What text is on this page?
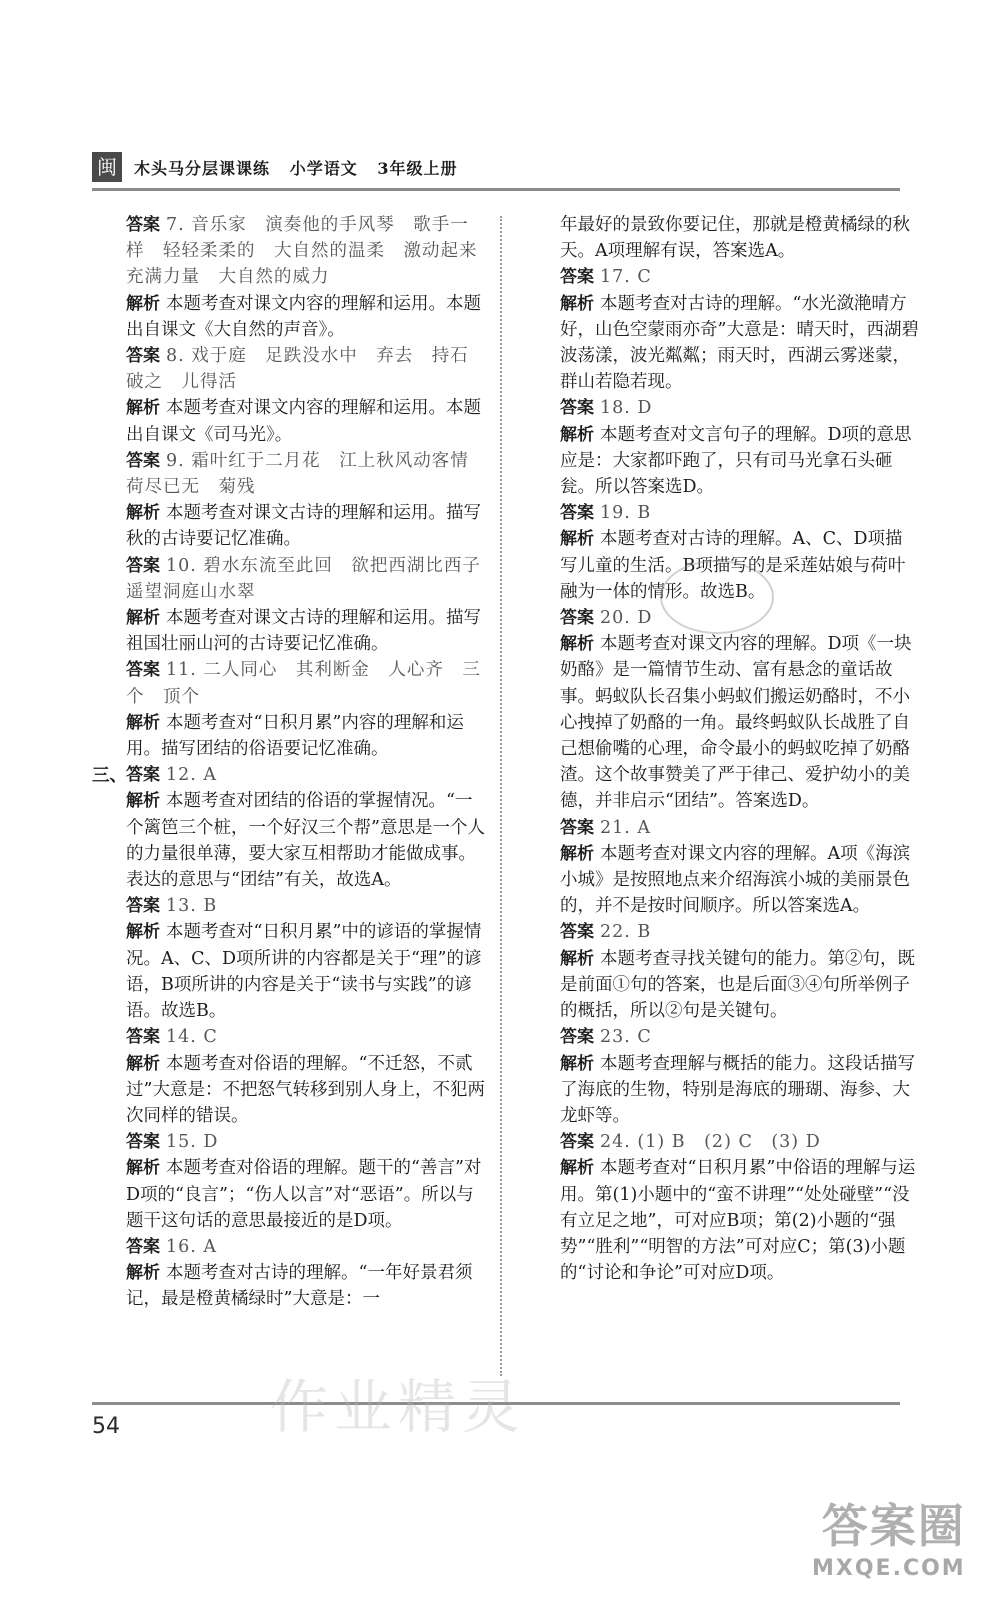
闽	木头马分层课课练   小学语文   3年级上册
三、

答案 7. 音乐家　演奏他的手风琴　歌手一样　轻轻柔柔的　大自然的温柔　激动起来　充满力量　大自然的威力

解析 本题考查对课文内容的理解和运用。本题出自课文《大自然的声音》。

答案 8. 戏于庭　足跌没水中　弃去　持石　破之　儿得活

解析 本题考查对课文内容的理解和运用。本题出自课文《司马光》。

答案 9. 霜叶红于二月花　江上秋风动客情　荷尽已无　菊残

解析 本题考查对课文古诗的理解和运用。描写秋的古诗要记忆准确。

答案 10. 碧水东流至此回　欲把西湖比西子　遥望洞庭山水翠

解析 本题考查对课文古诗的理解和运用。描写祖国壮丽山河的古诗要记忆准确。

答案 11. 二人同心　其利断金　人心齐　三个　顶个

解析 本题考查对“日积月累”内容的理解和运用。描写团结的俗语要记忆准确。

答案 12. A

解析 本题考查对团结的俗语的掌握情况。“一个篱笆三个桩，一个好汉三个帮”意思是一个人的力量很单薄，要大家互相帮助才能做成事。表达的意思与“团结”有关，故选A。

答案 13. B

解析 本题考查对“日积月累”中的谚语的掌握情况。A、C、D项所讲的内容都是关于“理”的谚语，B项所讲的内容是关于“读书与实践”的谚语。故选B。

答案 14. C

解析 本题考查对俗语的理解。“不迁怒，不贰过”大意是：不把怒气转移到别人身上，不犯两次同样的错误。

答案 15. D

解析 本题考查对俗语的理解。题干的“善言”对D项的“良言”；“伤人以言”对“恶语”。所以与题干这句话的意思最接近的是D项。

答案 16. A

解析 本题考查对古诗的理解。“一年好景君须记，最是橙黄橘绿时”大意是：一

年最好的景致你要记住，那就是橙黄橘绿的秋天。A项理解有误，答案选A。

答案 17. C

解析 本题考查对古诗的理解。“水光潋滟晴方好，山色空蒙雨亦奇”大意是：晴天时，西湖碧波荡漾，波光粼粼；雨天时，西湖云雾迷蒙，群山若隐若现。

答案 18. D

解析 本题考查对文言句子的理解。D项的意思应是：大家都吓跑了，只有司马光拿石头砸瓮。所以答案选D。

答案 19. B

解析 本题考查对古诗的理解。A、C、D项描写儿童的生活。B项描写的是采莲姑娘与荷叶融为一体的情形。故选B。

答案 20. D

解析 本题考查对课文内容的理解。D项《一块奶酪》是一篇情节生动、富有悬念的童话故事。蚂蚁队长召集小蚂蚁们搬运奶酪时，不小心拽掉了奶酪的一角。最终蚂蚁队长战胜了自己想偷嘴的心理，命令最小的蚂蚁吃掉了奶酪渣。这个故事赞美了严于律己、爱护幼小的美德，并非启示“团结”。答案选D。

答案 21. A

解析 本题考查对课文内容的理解。A项《海滨小城》是按照地点来介绍海滨小城的美丽景色的，并不是按时间顺序。所以答案选A。

答案 22. B

解析 本题考查寻找关键句的能力。第②句，既是前面①句的答案，也是后面③④句所举例子的概括，所以②句是关键句。

答案 23. C

解析 本题考查理解与概括的能力。这段话描写了海底的生物，特别是海底的珊瑚、海参、大龙虾等。

答案 24. (1) B　(2) C　(3) D

解析 本题考查对“日积月累”中俗语的理解与运用。第(1)小题中的“蛮不讲理”“处处碰壁”“没有立足之地”，可对应B项；第(2)小题的“强势”“胜利”“明智的方法”可对应C；第(3)小题的“讨论和争论”可对应D项。

54	作业精灵
答案圈
MXQE.COM
